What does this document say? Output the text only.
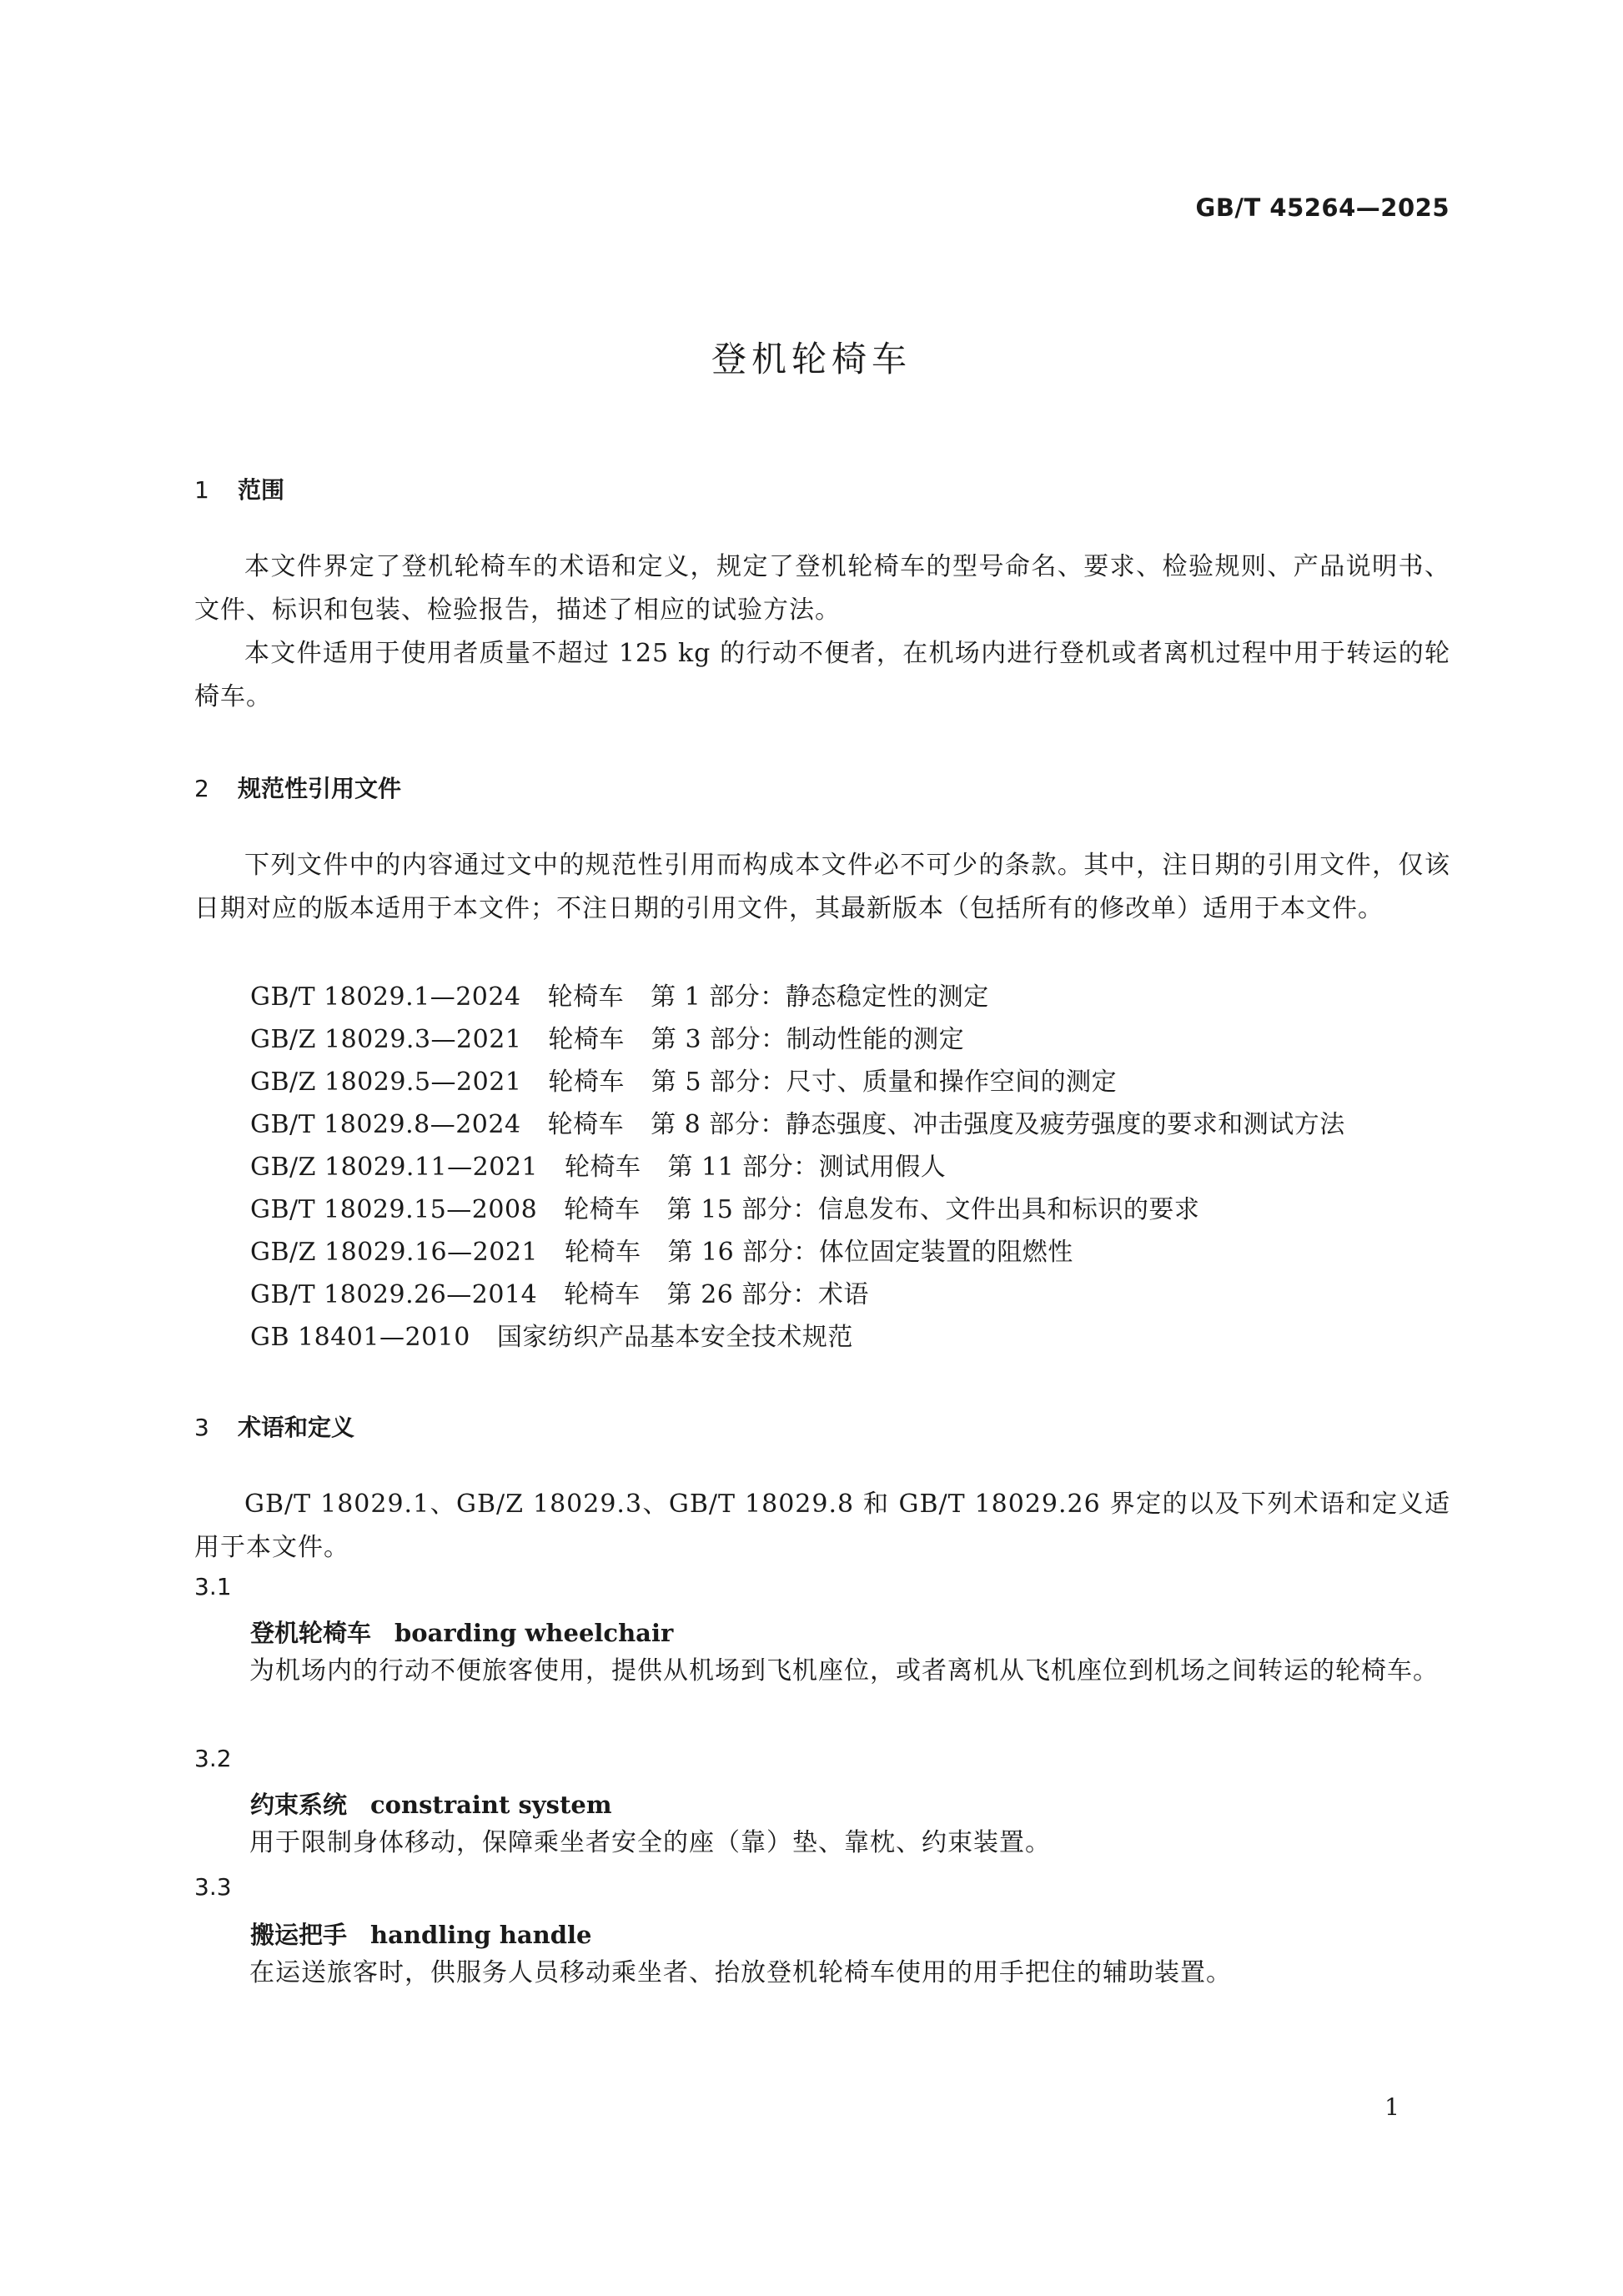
GB/T 45264—2025
登机轮椅车
1 范围
本文件界定了登机轮椅车的术语和定义，规定了登机轮椅车的型号命名、要求、检验规则、产品说明书、文件、标识和包装、检验报告，描述了相应的试验方法。
本文件适用于使用者质量不超过 125 kg 的行动不便者，在机场内进行登机或者离机过程中用于转运的轮椅车。
2 规范性引用文件
下列文件中的内容通过文中的规范性引用而构成本文件必不可少的条款。其中，注日期的引用文件，仅该日期对应的版本适用于本文件；不注日期的引用文件，其最新版本（包括所有的修改单）适用于本文件。
GB/T 18029.1—2024 轮椅车 第 1 部分：静态稳定性的测定
GB/Z 18029.3—2021 轮椅车 第 3 部分：制动性能的测定
GB/Z 18029.5—2021 轮椅车 第 5 部分：尺寸、质量和操作空间的测定
GB/T 18029.8—2024 轮椅车 第 8 部分：静态强度、冲击强度及疲劳强度的要求和测试方法
GB/Z 18029.11—2021 轮椅车 第 11 部分：测试用假人
GB/T 18029.15—2008 轮椅车 第 15 部分：信息发布、文件出具和标识的要求
GB/Z 18029.16—2021 轮椅车 第 16 部分：体位固定装置的阻燃性
GB/T 18029.26—2014 轮椅车 第 26 部分：术语
GB 18401—2010 国家纺织产品基本安全技术规范
3 术语和定义
GB/T 18029.1、GB/Z 18029.3、GB/T 18029.8 和 GB/T 18029.26 界定的以及下列术语和定义适用于本文件。
3.1
登机轮椅车 boarding wheelchair
为机场内的行动不便旅客使用，提供从机场到飞机座位，或者离机从飞机座位到机场之间转运的轮椅车。
3.2
约束系统 constraint system
用于限制身体移动，保障乘坐者安全的座（靠）垫、靠枕、约束装置。
3.3
搬运把手 handling handle
在运送旅客时，供服务人员移动乘坐者、抬放登机轮椅车使用的用手把住的辅助装置。
1
